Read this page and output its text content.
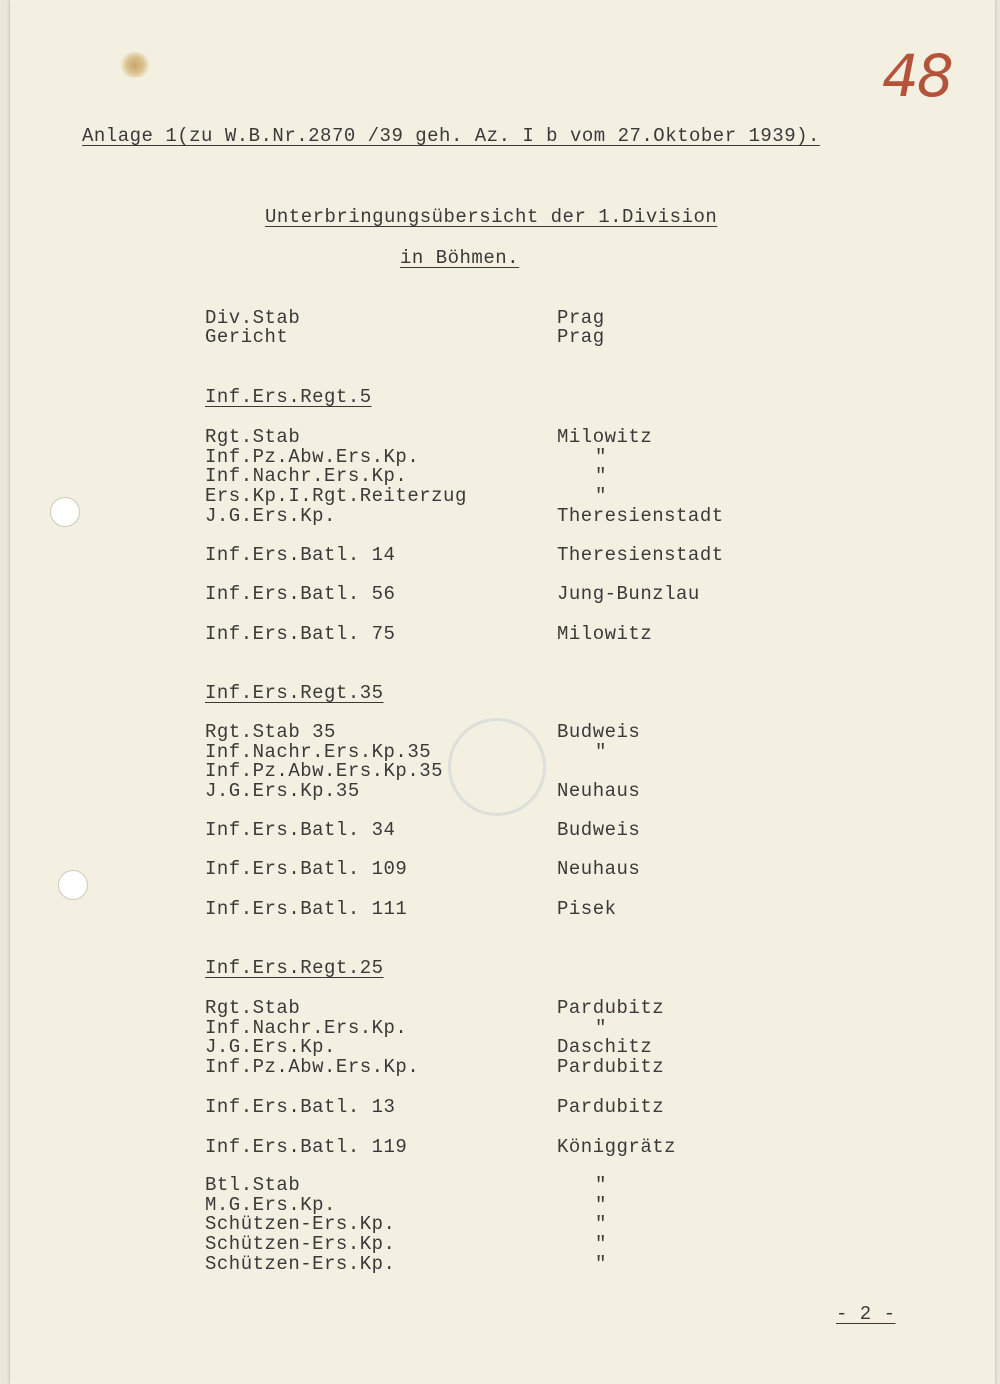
48
Anlage 1(zu W.B.Nr.2870 /39 geh. Az. I b vom 27.Oktober 1939).
Unterbringungsübersicht der 1.Division
in Böhmen.
Div.Stab	Prag
Gericht	Prag
Inf.Ers.Regt.5
Rgt.Stab	Milowitz
Inf.Pz.Abw.Ers.Kp.	"
Inf.Nachr.Ers.Kp.	"
Ers.Kp.I.Rgt.Reiterzug	"
J.G.Ers.Kp.	Theresienstadt
Inf.Ers.Batl. 14	Theresienstadt
Inf.Ers.Batl. 56	Jung-Bunzlau
Inf.Ers.Batl. 75	Milowitz
Inf.Ers.Regt.35
Rgt.Stab 35	Budweis
Inf.Nachr.Ers.Kp.35	"
Inf.Pz.Abw.Ers.Kp.35
J.G.Ers.Kp.35	Neuhaus
Inf.Ers.Batl. 34	Budweis
Inf.Ers.Batl. 109	Neuhaus
Inf.Ers.Batl. 111	Pisek
Inf.Ers.Regt.25
Rgt.Stab	Pardubitz
Inf.Nachr.Ers.Kp.	"
J.G.Ers.Kp.	Daschitz
Inf.Pz.Abw.Ers.Kp.	Pardubitz
Inf.Ers.Batl. 13	Pardubitz
Inf.Ers.Batl. 119	Königgrätz
Btl.Stab	"
M.G.Ers.Kp.	"
Schützen-Ers.Kp.	"
Schützen-Ers.Kp.	"
Schützen-Ers.Kp.	"
- 2 -
